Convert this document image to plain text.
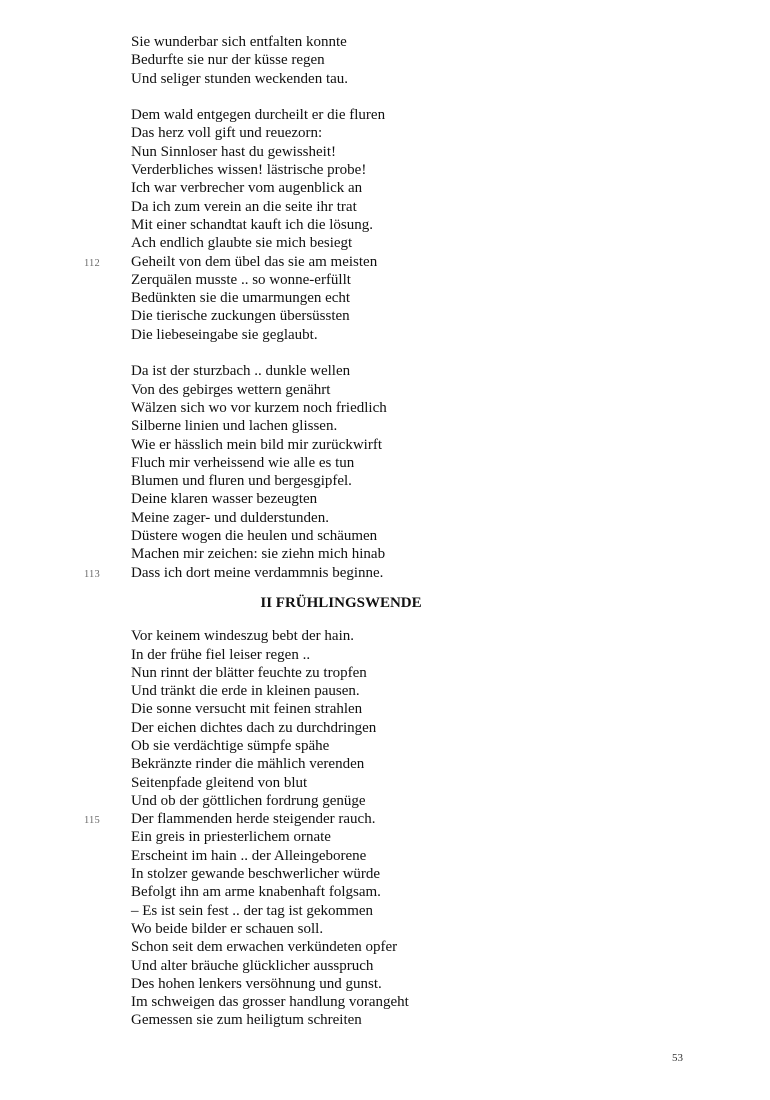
Sie wunderbar sich entfalten konnte
Bedurfte sie nur der küsse regen
Und seliger stunden weckenden tau.
Dem wald entgegen durcheilt er die fluren
Das herz voll gift und reuezorn:
Nun Sinnloser hast du gewissheit!
Verderbliches wissen! lästrische probe!
Ich war verbrecher vom augenblick an
Da ich zum verein an die seite ihr trat
Mit einer schandtat kauft ich die lösung.
Ach endlich glaubte sie mich besiegt
Geheilt von dem übel das sie am meisten
112
Zerquälen musste .. so wonne-erfüllt
Bedünkten sie die umarmungen echt
Die tierische zuckungen übersüssten
Die liebeseingabe sie geglaubt.
Da ist der sturzbach .. dunkle wellen
Von des gebirges wettern genährt
Wälzen sich wo vor kurzem noch friedlich
Silberne linien und lachen glissen.
Wie er hässlich mein bild mir zurückwirft
Fluch mir verheissend wie alle es tun
Blumen und fluren und bergesgipfel.
Deine klaren wasser bezeugten
Meine zager- und dulderstunden.
Düstere wogen die heulen und schäumen
Machen mir zeichen: sie ziehn mich hinab
Dass ich dort meine verdammnis beginne.
113
II FRÜHLINGSWENDE
Vor keinem windeszug bebt der hain.
In der frühe fiel leiser regen ..
Nun rinnt der blätter feuchte zu tropfen
Und tränkt die erde in kleinen pausen.
Die sonne versucht mit feinen strahlen
Der eichen dichtes dach zu durchdringen
Ob sie verdächtige sümpfe spähe
Bekränzte rinder die mählich verenden
Seitenpfade gleitend von blut
Und ob der göttlichen fordrung genüge
Der flammenden herde steigender rauch.
115
Ein greis in priesterlichem ornate
Erscheint im hain .. der Alleingeborene
In stolzer gewande beschwerlicher würde
Befolgt ihn am arme knabenhaft folgsam.
– Es ist sein fest .. der tag ist gekommen
Wo beide bilder er schauen soll.
Schon seit dem erwachen verkündeten opfer
Und alter bräuche glücklicher ausspruch
Des hohen lenkers versöhnung und gunst.
Im schweigen das grosser handlung vorangeht
Gemessen sie zum heiligtum schreiten
53
